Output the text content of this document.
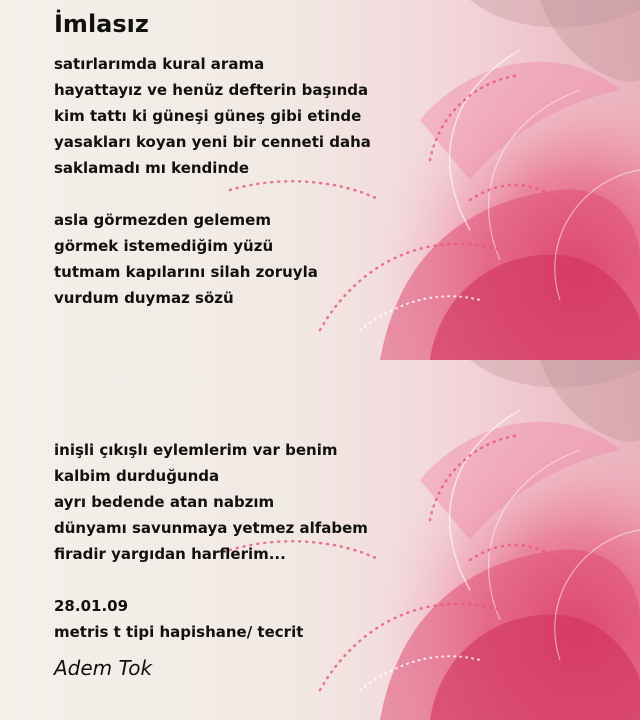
İmlasız
satırlarımda kural arama
hayattayız ve henüz defterin başında
kim tattı ki güneşi güneş gibi etinde
yasakları koyan yeni bir cenneti daha
saklamadı mı kendinde
asla görmezden gelemem
görmek istemediğim yüzü
tutmam kapılarını silah zoruyla
vurdum duymaz sözü
inişli çıkışlı eylemlerim var benim
kalbim durduğunda
ayrı bedende atan nabzım
dünyamı savunmaya yetmez alfabem
firadir yargıdan harflerim...
28.01.09
metris t tipi hapishane/ tecrit
Adem Tok
